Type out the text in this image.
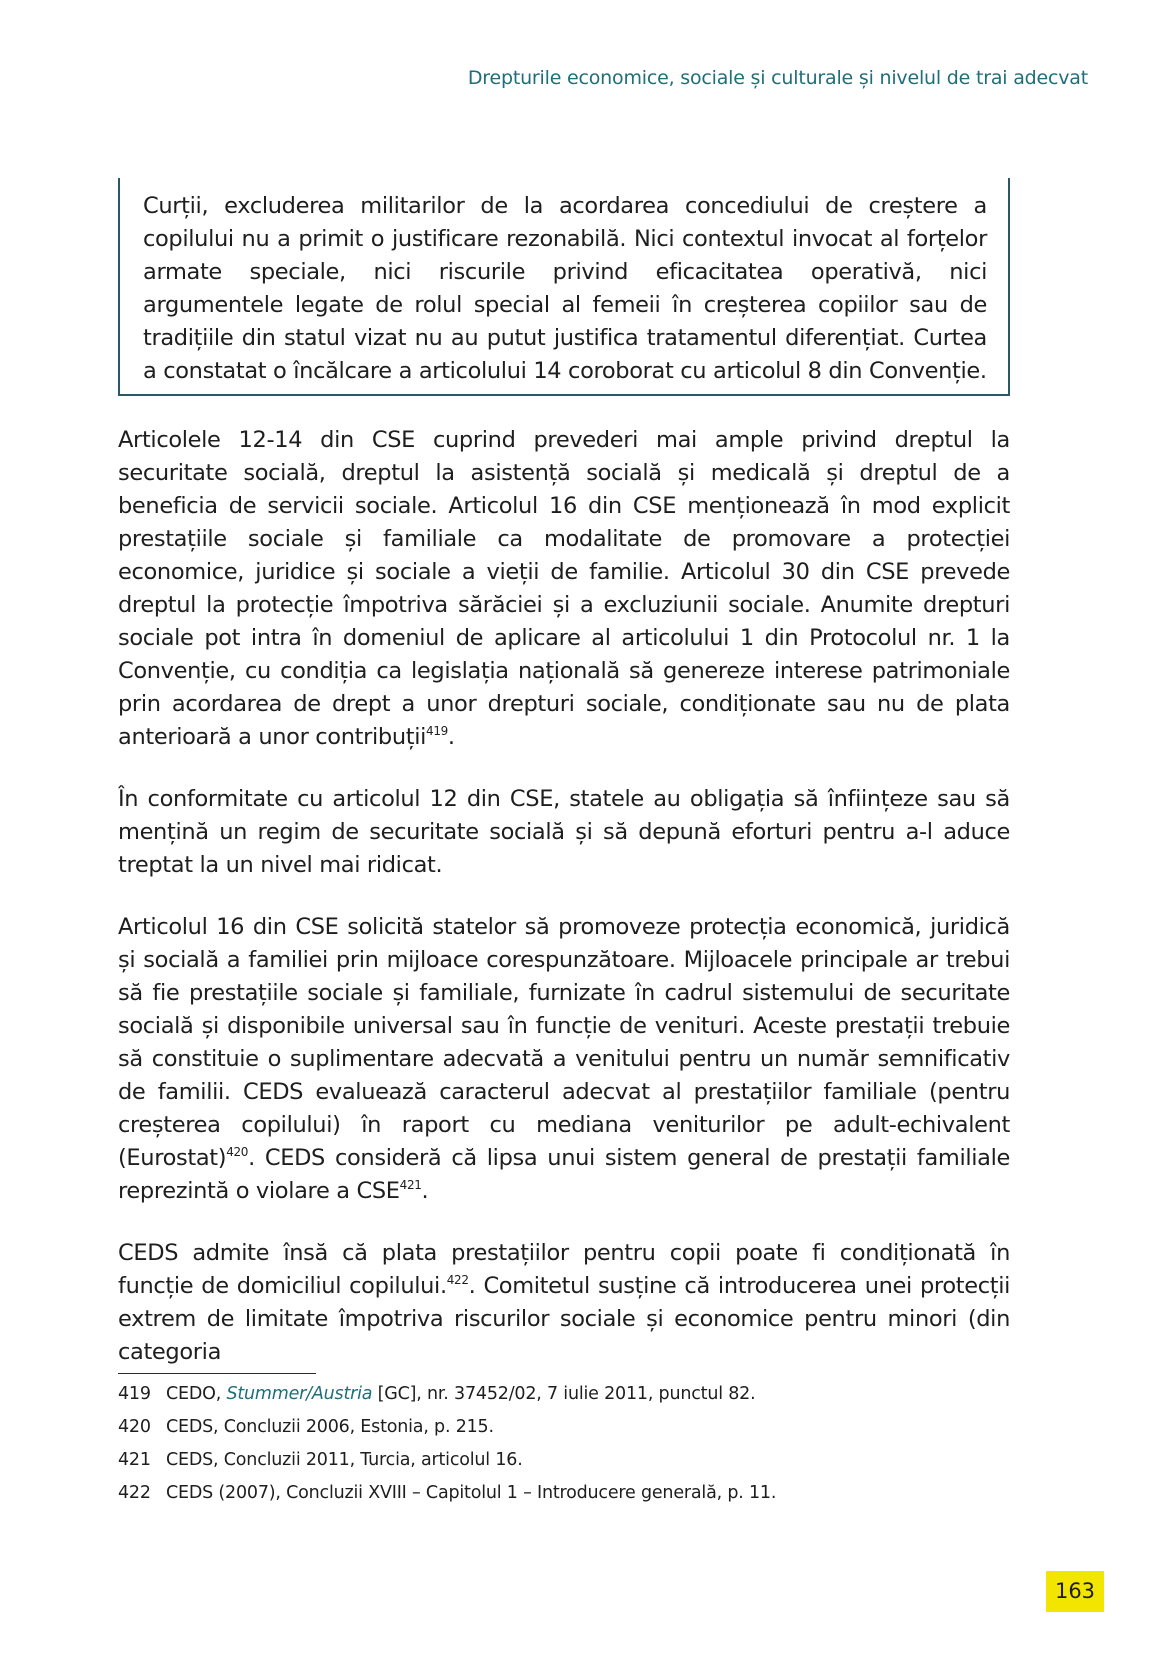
Drepturile economice, sociale și culturale și nivelul de trai adecvat

Curții, excluderea militarilor de la acordarea concediului de creștere a copilului nu a primit o justificare rezonabilă. Nici contextul invocat al forțelor armate speciale, nici riscurile privind eficacitatea operativă, nici argumentele legate de rolul special al femeii în creșterea copiilor sau de tradițiile din statul vizat nu au putut justifica tratamentul diferențiat. Curtea a constatat o încălcare a articolului 14 coroborat cu articolul 8 din Convenție.

Articolele 12-14 din CSE cuprind prevederi mai ample privind dreptul la securitate socială, dreptul la asistență socială și medicală și dreptul de a beneficia de servicii sociale. Articolul 16 din CSE menționează în mod explicit prestațiile sociale și familiale ca modalitate de promovare a protecției economice, juridice și sociale a vieții de familie. Articolul 30 din CSE prevede dreptul la protecție împotriva sărăciei și a excluziunii sociale. Anumite drepturi sociale pot intra în domeniul de aplicare al articolului 1 din Protocolul nr. 1 la Convenție, cu condiția ca legislația națională să genereze interese patrimoniale prin acordarea de drept a unor drepturi sociale, condiționate sau nu de plata anterioară a unor contribuții$^{419}$.

În conformitate cu articolul 12 din CSE, statele au obligația să înființeze sau să mențină un regim de securitate socială și să depună eforturi pentru a-l aduce treptat la un nivel mai ridicat.

Articolul 16 din CSE solicită statelor să promoveze protecția economică, juridică și socială a familiei prin mijloace corespunzătoare. Mijloacele principale ar trebui să fie prestațiile sociale și familiale, furnizate în cadrul sistemului de securitate socială și disponibile universal sau în funcție de venituri. Aceste prestații trebuie să constituie o suplimentare adecvată a venitului pentru un număr semnificativ de familii. CEDS evaluează caracterul adecvat al prestațiilor familiale (pentru creșterea copilului) în raport cu mediana veniturilor pe adult-echivalent (Eurostat)$^{420}$. CEDS consideră că lipsa unui sistem general de prestații familiale reprezintă o violare a CSE$^{421}$.

CEDS admite însă că plata prestațiilor pentru copii poate fi condiționată în funcție de domiciliul copilului.$^{422}$. Comitetul susține că introducerea unei protecții extrem de limitate împotriva riscurilor sociale și economice pentru minori (din categoria

419 CEDO, Stummer/Austria [GC], nr. 37452/02, 7 iulie 2011, punctul 82.
420 CEDS, Concluzii 2006, Estonia, p. 215.
421 CEDS, Concluzii 2011, Turcia, articolul 16.
422 CEDS (2007), Concluzii XVIII – Capitolul 1 – Introducere generală, p. 11.
163
